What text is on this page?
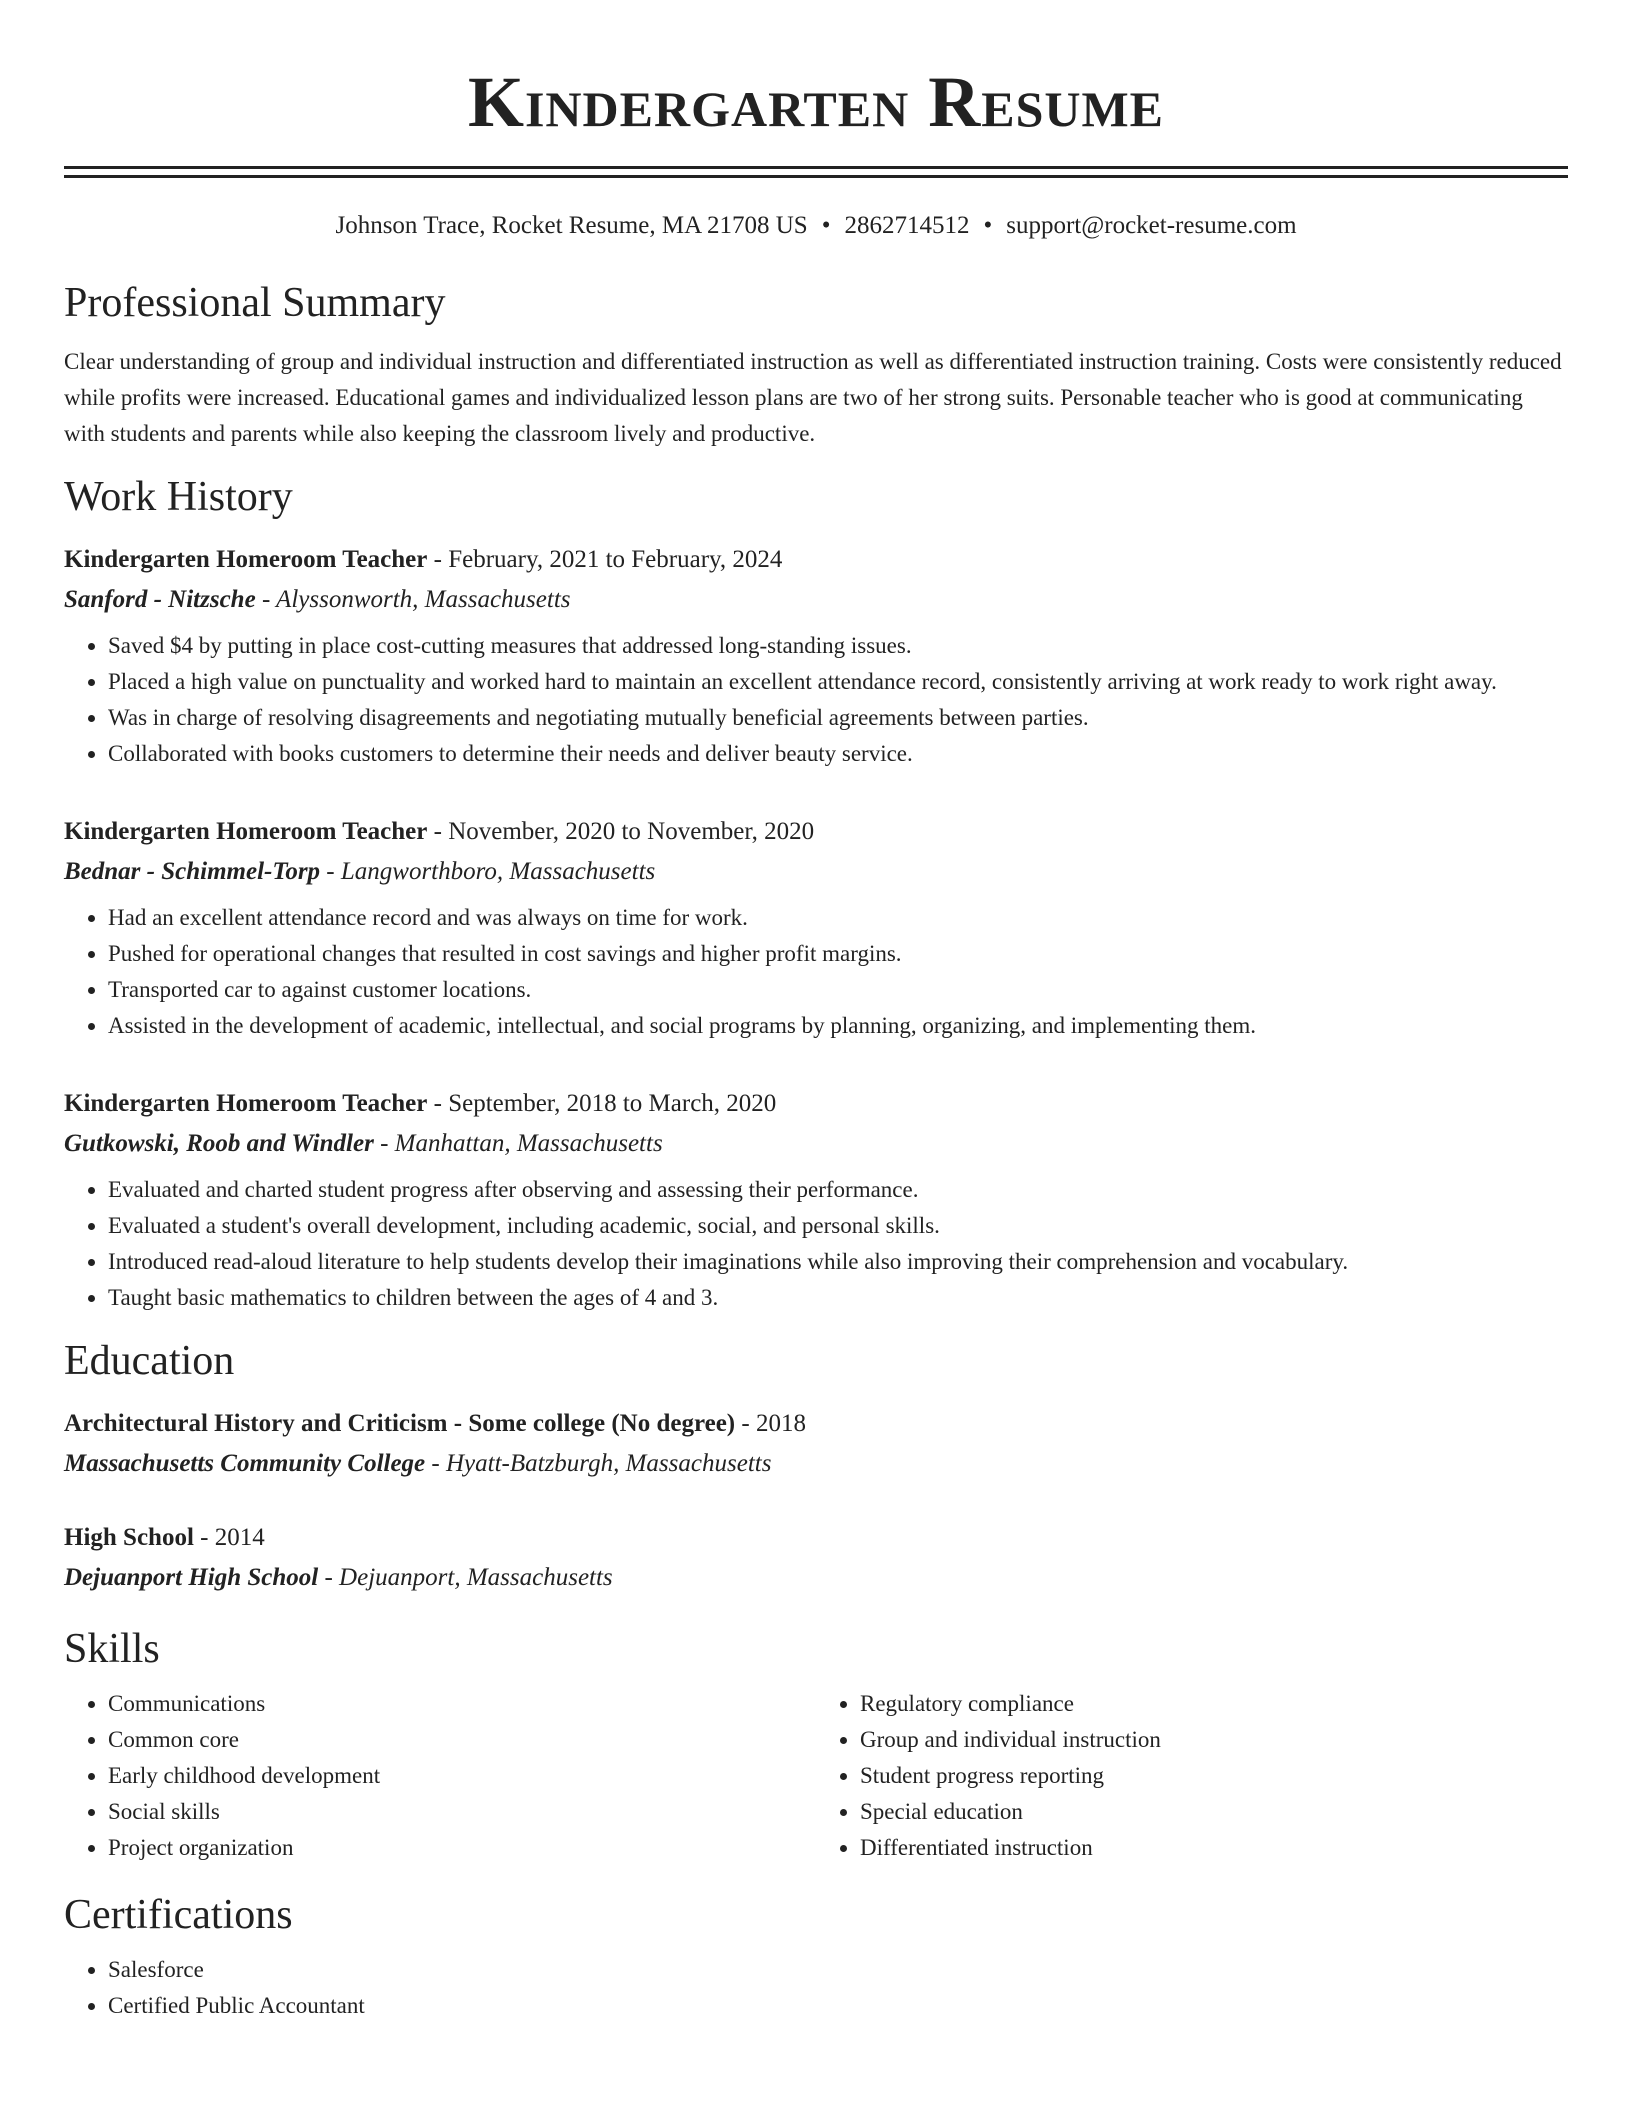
Kindergarten Resume
Johnson Trace, Rocket Resume, MA 21708 US • 2862714512 • support@rocket-resume.com
Professional Summary

Clear understanding of group and individual instruction and differentiated instruction as well as differentiated instruction training. Costs were consistently reduced while profits were increased. Educational games and individualized lesson plans are two of her strong suits. Personable teacher who is good at communicating with students and parents while also keeping the classroom lively and productive.

Work History
Kindergarten Homeroom Teacher - February, 2021 to February, 2024
Sanford - Nitzsche - Alyssonworth, Massachusetts
• Saved $4 by putting in place cost-cutting measures that addressed long-standing issues.
• Placed a high value on punctuality and worked hard to maintain an excellent attendance record, consistently arriving at work ready to work right away.
• Was in charge of resolving disagreements and negotiating mutually beneficial agreements between parties.
• Collaborated with books customers to determine their needs and deliver beauty service.
Kindergarten Homeroom Teacher - November, 2020 to November, 2020
Bednar - Schimmel-Torp - Langworthboro, Massachusetts
• Had an excellent attendance record and was always on time for work.
• Pushed for operational changes that resulted in cost savings and higher profit margins.
• Transported car to against customer locations.
• Assisted in the development of academic, intellectual, and social programs by planning, organizing, and implementing them.
Kindergarten Homeroom Teacher - September, 2018 to March, 2020
Gutkowski, Roob and Windler - Manhattan, Massachusetts
• Evaluated and charted student progress after observing and assessing their performance.
• Evaluated a student's overall development, including academic, social, and personal skills.
• Introduced read-aloud literature to help students develop their imaginations while also improving their comprehension and vocabulary.
• Taught basic mathematics to children between the ages of 4 and 3.
Education
Architectural History and Criticism - Some college (No degree) - 2018
Massachusetts Community College - Hyatt-Batzburgh, Massachusetts
High School - 2014
Dejuanport High School - Dejuanport, Massachusetts
Skills
• Communications
• Common core
• Early childhood development
• Social skills
• Project organization
• Regulatory compliance
• Group and individual instruction
• Student progress reporting
• Special education
• Differentiated instruction
Certifications
• Salesforce
• Certified Public Accountant
